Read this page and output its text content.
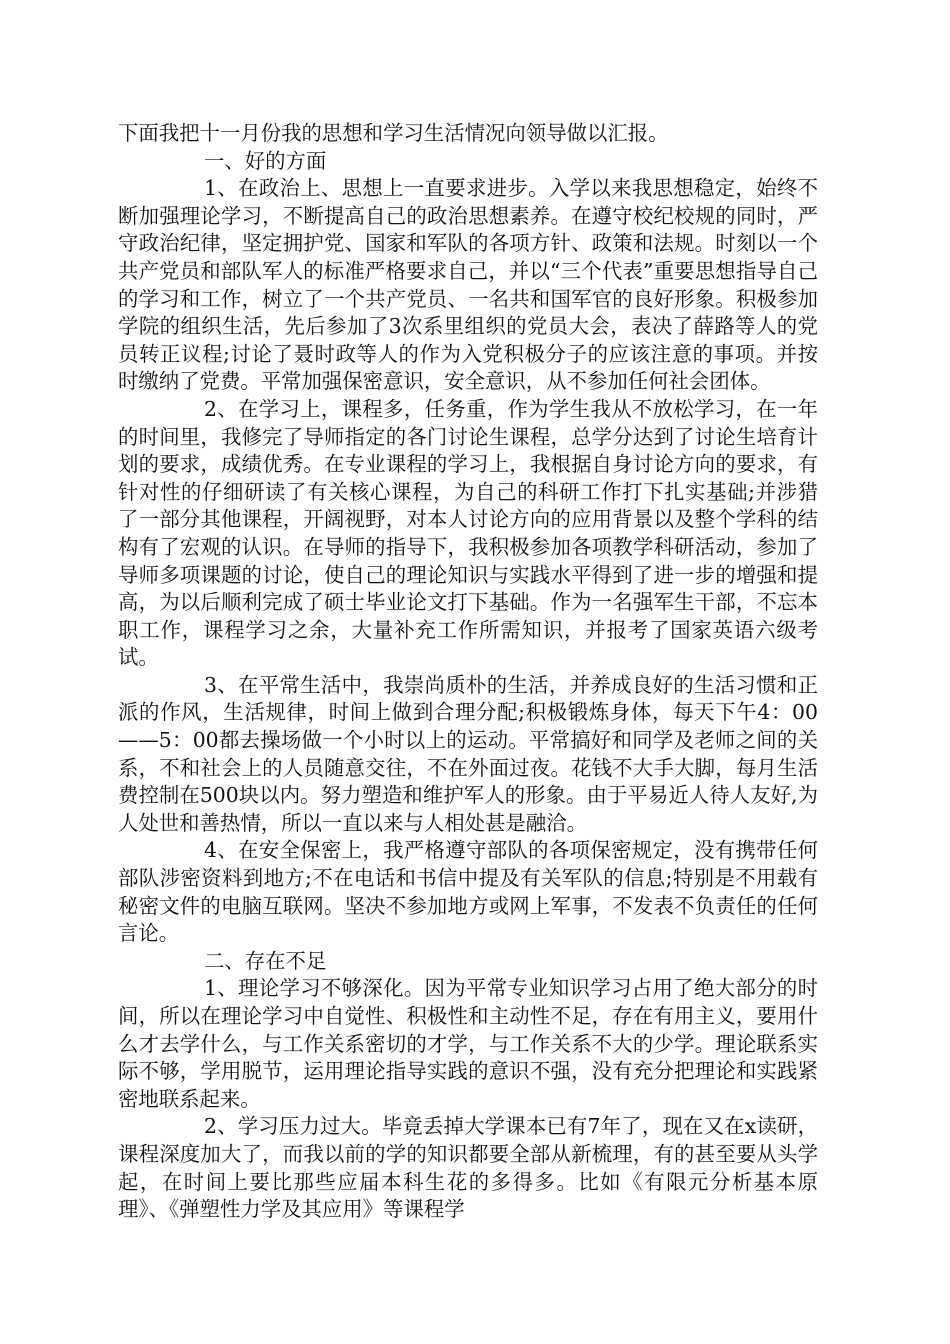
下面我把十一月份我的思想和学习生活情况向领导做以汇报。

一、好的方面

1、在政治上、思想上一直要求进步。入学以来我思想稳定，始终不断加强理论学习，不断提高自己的政治思想素养。在遵守校纪校规的同时，严守政治纪律，坚定拥护党、国家和军队的各项方针、政策和法规。时刻以一个共产党员和部队军人的标准严格要求自己，并以“三个代表”重要思想指导自己的学习和工作，树立了一个共产党员、一名共和国军官的良好形象。积极参加学院的组织生活，先后参加了3次系里组织的党员大会，表决了薛路等人的党员转正议程;讨论了聂时政等人的作为入党积极分子的应该注意的事项。并按时缴纳了党费。平常加强保密意识，安全意识，从不参加任何社会团体。

2、在学习上，课程多，任务重，作为学生我从不放松学习，在一年的时间里，我修完了导师指定的各门讨论生课程，总学分达到了讨论生培育计划的要求，成绩优秀。在专业课程的学习上，我根据自身讨论方向的要求，有针对性的仔细研读了有关核心课程，为自己的科研工作打下扎实基础;并涉猎了一部分其他课程，开阔视野，对本人讨论方向的应用背景以及整个学科的结构有了宏观的认识。在导师的指导下，我积极参加各项教学科研活动，参加了导师多项课题的讨论，使自己的理论知识与实践水平得到了进一步的增强和提高，为以后顺利完成了硕士毕业论文打下基础。作为一名强军生干部，不忘本职工作，课程学习之余，大量补充工作所需知识，并报考了国家英语六级考试。

3、在平常生活中，我崇尚质朴的生活，并养成良好的生活习惯和正派的作风，生活规律，时间上做到合理分配;积极锻炼身体，每天下午4：00——5：00都去操场做一个小时以上的运动。平常搞好和同学及老师之间的关系，不和社会上的人员随意交往，不在外面过夜。花钱不大手大脚，每月生活费控制在500块以内。努力塑造和维护军人的形象。由于平易近人待人友好,为人处世和善热情，所以一直以来与人相处甚是融洽。

4、在安全保密上，我严格遵守部队的各项保密规定，没有携带任何部队涉密资料到地方;不在电话和书信中提及有关军队的信息;特别是不用载有秘密文件的电脑互联网。坚决不参加地方或网上军事，不发表不负责任的任何言论。

二、存在不足

1、理论学习不够深化。因为平常专业知识学习占用了绝大部分的时间，所以在理论学习中自觉性、积极性和主动性不足，存在有用主义，要用什么才去学什么，与工作关系密切的才学，与工作关系不大的少学。理论联系实际不够，学用脱节，运用理论指导实践的意识不强，没有充分把理论和实践紧密地联系起来。

2、学习压力过大。毕竟丢掉大学课本已有7年了，现在又在x读研，课程深度加大了，而我以前的学的知识都要全部从新梳理，有的甚至要从头学起，在时间上要比那些应届本科生花的多得多。比如《有限元分析基本原理》、《弹塑性力学及其应用》等课程学
